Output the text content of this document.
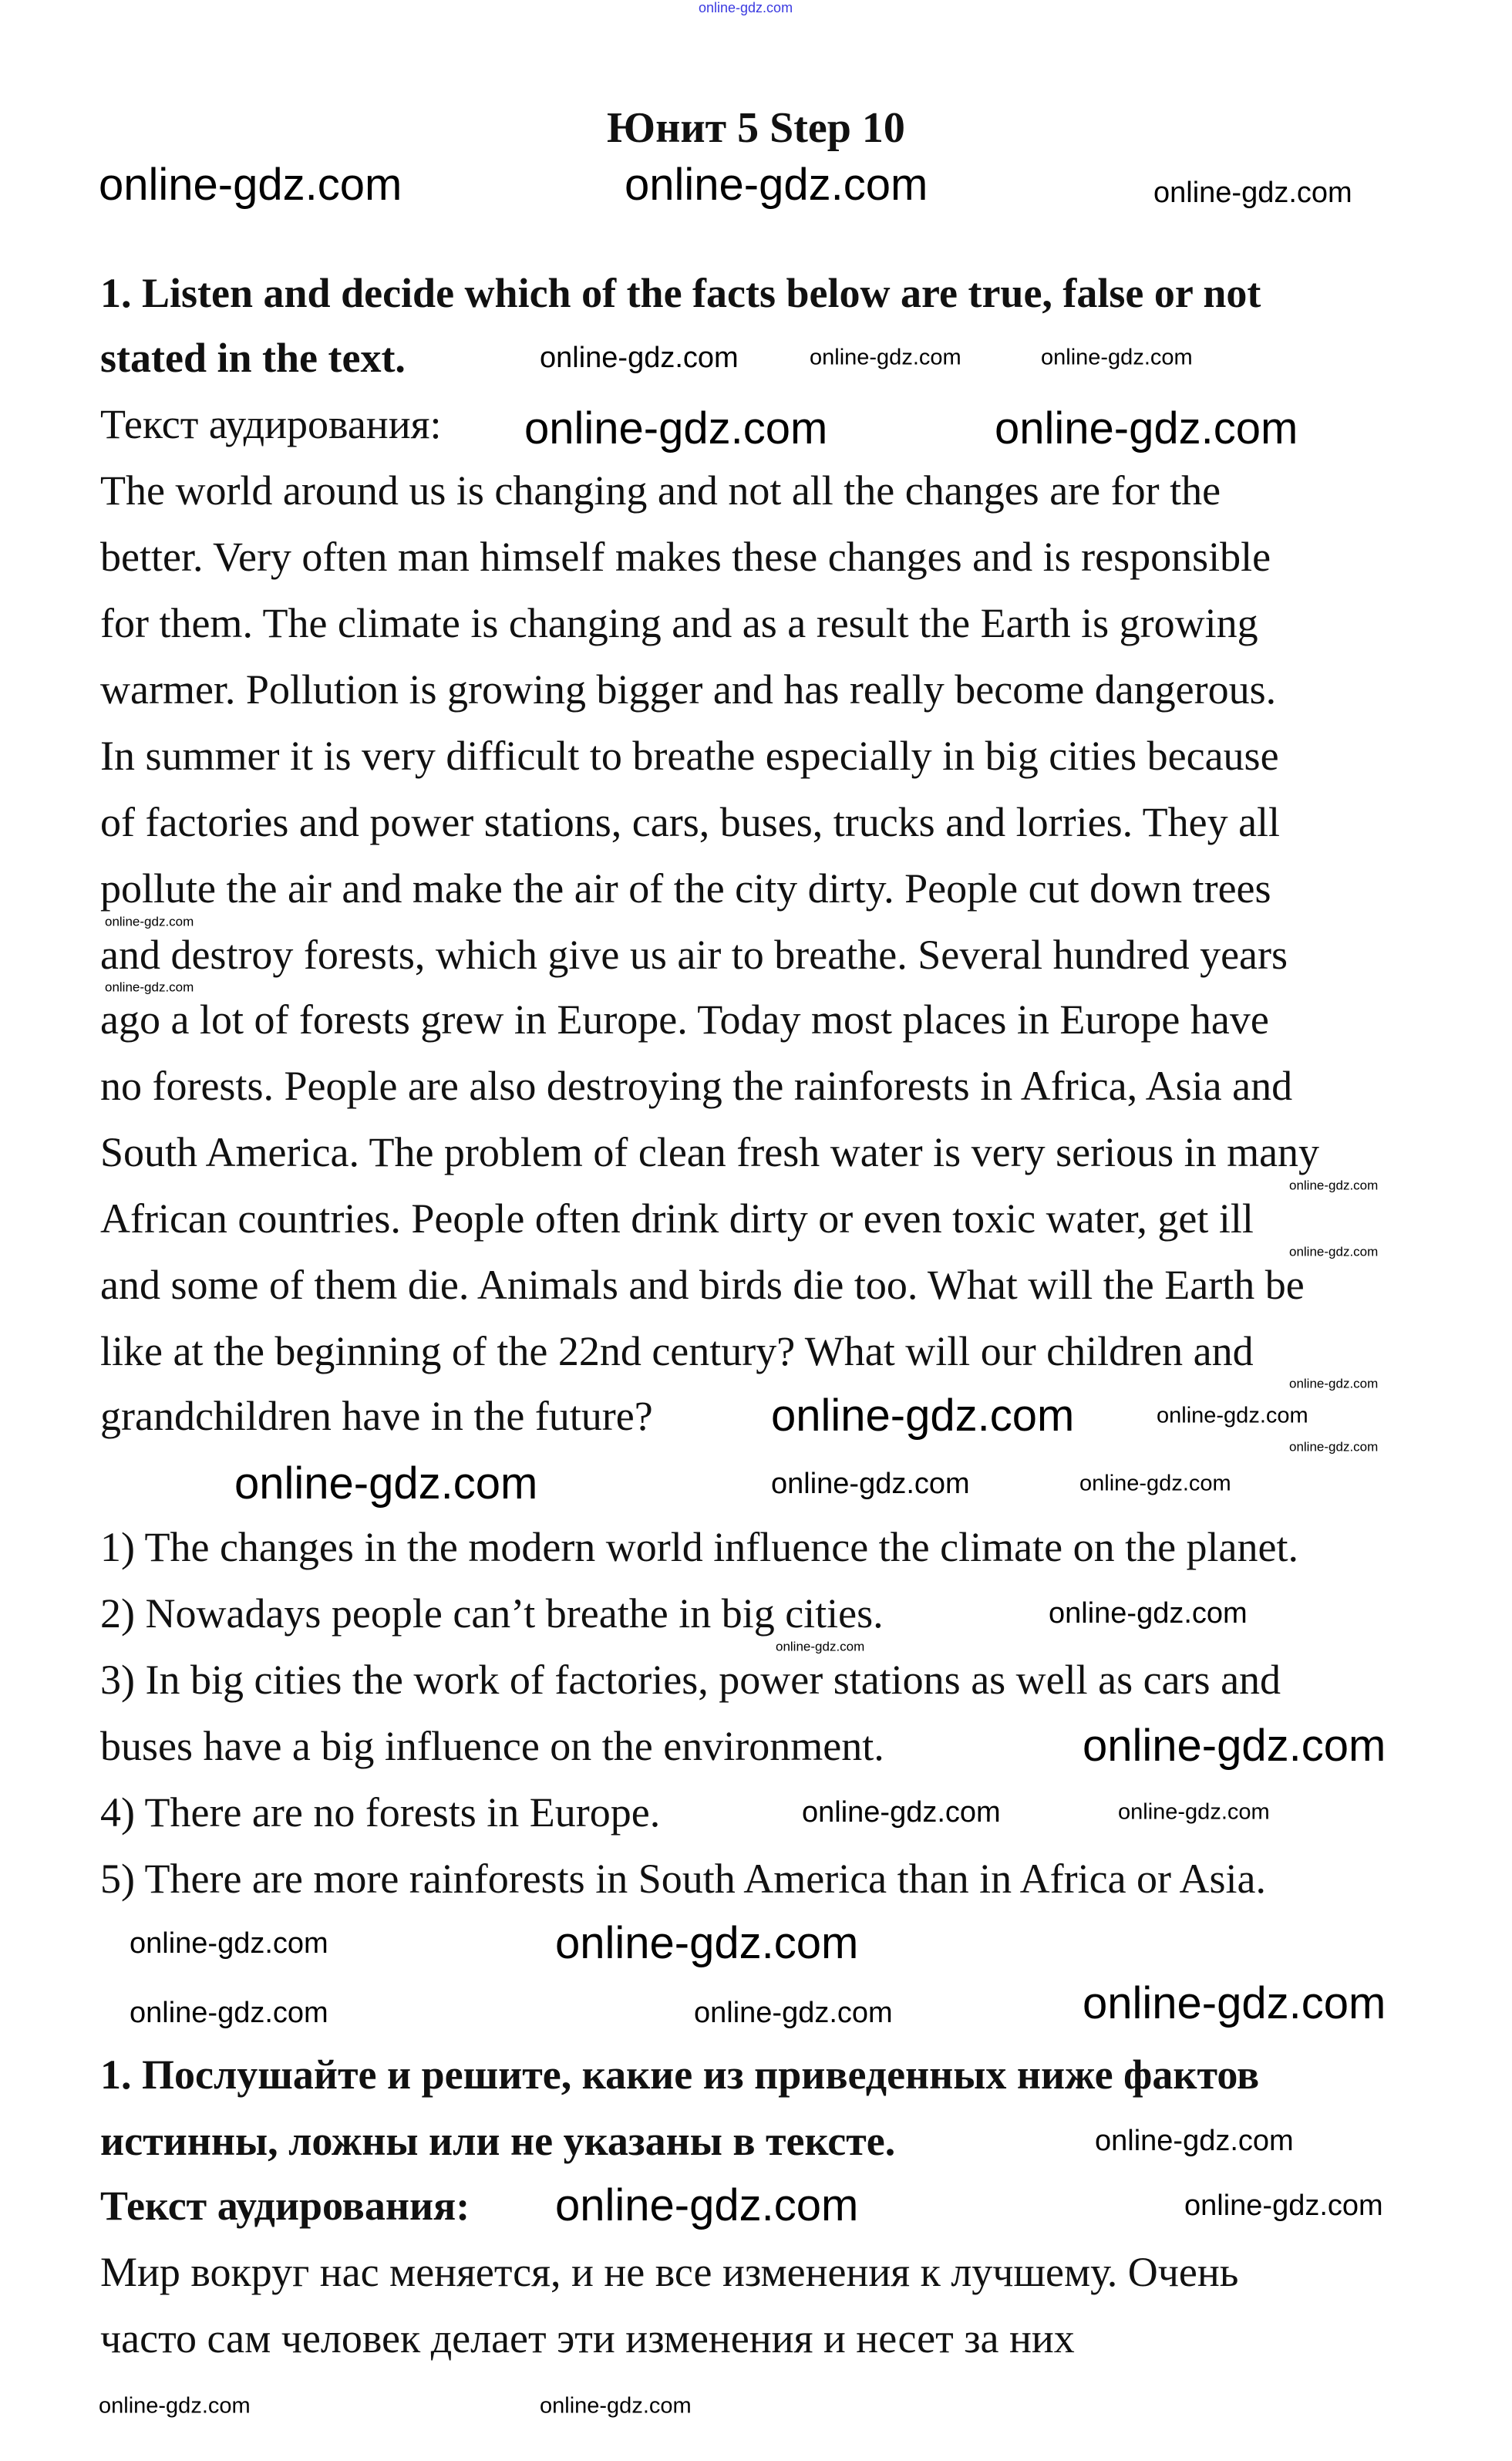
Юнит 5 Step 10
1. Listen and decide which of the facts below are true, false or not
stated in the text.
Текст аудирования:
The world around us is changing and not all the changes are for the
better. Very often man himself makes these changes and is responsible
for them. The climate is changing and as a result the Earth is growing
warmer. Pollution is growing bigger and has really become dangerous.
In summer it is very difficult to breathe especially in big cities because
of factories and power stations, cars, buses, trucks and lorries. They all
pollute the air and make the air of the city dirty. People cut down trees
and destroy forests, which give us air to breathe. Several hundred years
ago a lot of forests grew in Europe. Today most places in Europe have
no forests. People are also destroying the rainforests in Africa, Asia and
South America. The problem of clean fresh water is very serious in many
African countries. People often drink dirty or even toxic water, get ill
and some of them die. Animals and birds die too. What will the Earth be
like at the beginning of the 22nd century? What will our children and
grandchildren have in the future?
1) The changes in the modern world influence the climate on the planet.
2) Nowadays people can’t breathe in big cities.
3) In big cities the work of factories, power stations as well as cars and
buses have a big influence on the environment.
4) There are no forests in Europe.
5) There are more rainforests in South America than in Africa or Asia.
1. Послушайте и решите, какие из приведенных ниже фактов
истинны, ложны или не указаны в тексте.
Текст аудирования:
Мир вокруг нас меняется, и не все изменения к лучшему. Очень
часто сам человек делает эти изменения и несет за них
online-gdz.com
online-gdz.com	online-gdz.com	online-gdz.com
online-gdz.com	online-gdz.com	online-gdz.com
online-gdz.com	online-gdz.com
online-gdz.com
online-gdz.com
online-gdz.com
online-gdz.com
online-gdz.com
online-gdz.com	online-gdz.com
online-gdz.com
online-gdz.com	online-gdz.com	online-gdz.com
online-gdz.com
online-gdz.com
online-gdz.com
online-gdz.com	online-gdz.com
online-gdz.com	online-gdz.com
online-gdz.com	online-gdz.com	online-gdz.com
online-gdz.com
online-gdz.com	online-gdz.com
online-gdz.com	online-gdz.com
